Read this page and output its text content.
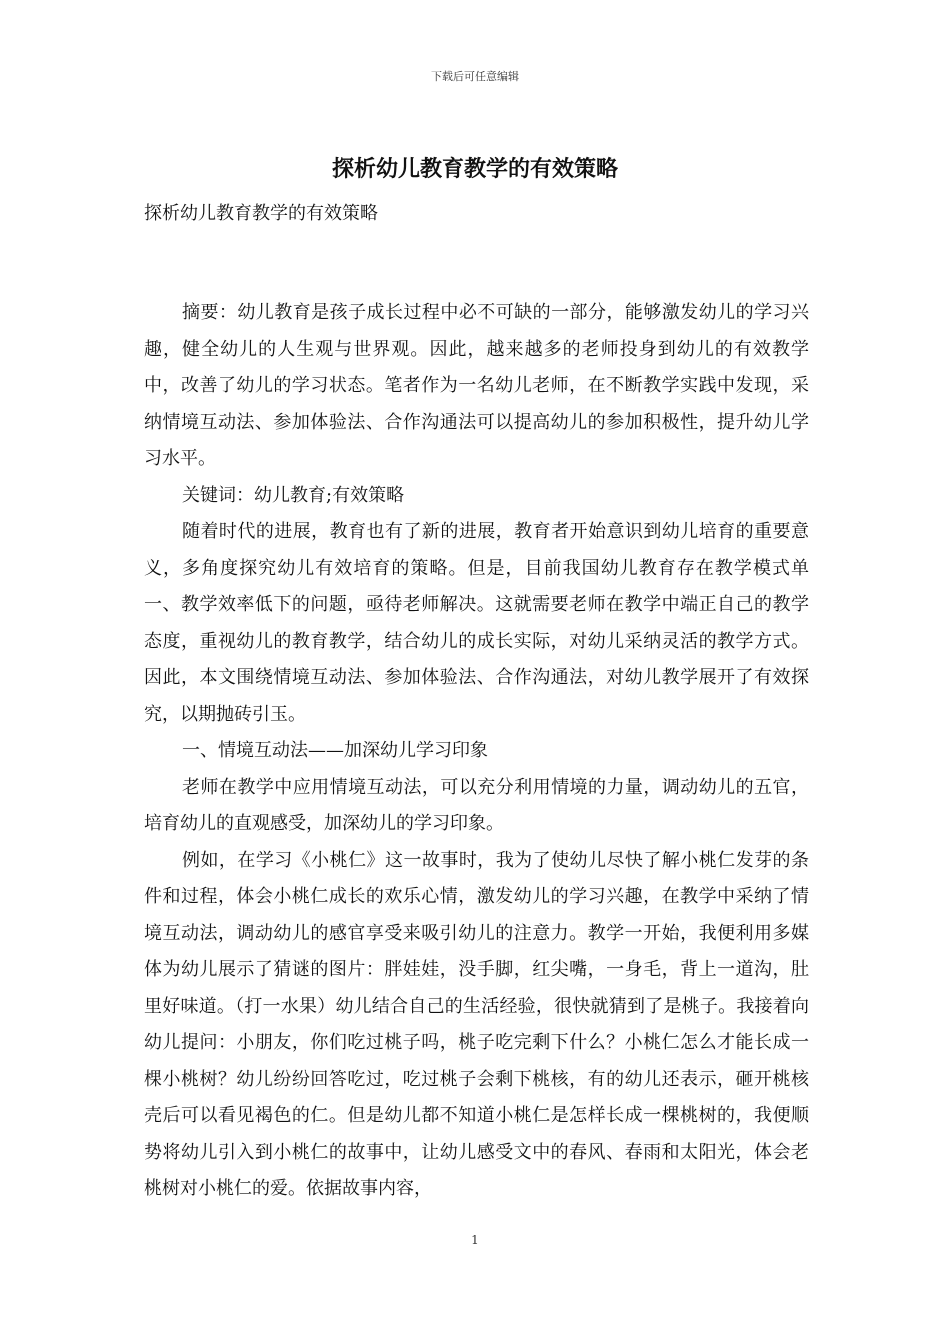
下载后可任意编辑
探析幼儿教育教学的有效策略

探析幼儿教育教学的有效策略

摘要：幼儿教育是孩子成长过程中必不可缺的一部分，能够激发幼儿的学习兴趣，健全幼儿的人生观与世界观。因此，越来越多的老师投身到幼儿的有效教学中，改善了幼儿的学习状态。笔者作为一名幼儿老师，在不断教学实践中发现，采纳情境互动法、参加体验法、合作沟通法可以提高幼儿的参加积极性，提升幼儿学习水平。

关键词：幼儿教育;有效策略

随着时代的进展，教育也有了新的进展，教育者开始意识到幼儿培育的重要意义，多角度探究幼儿有效培育的策略。但是，目前我国幼儿教育存在教学模式单一、教学效率低下的问题，亟待老师解决。这就需要老师在教学中端正自己的教学态度，重视幼儿的教育教学，结合幼儿的成长实际，对幼儿采纳灵活的教学方式。因此，本文围绕情境互动法、参加体验法、合作沟通法，对幼儿教学展开了有效探究，以期抛砖引玉。

一、情境互动法——加深幼儿学习印象

老师在教学中应用情境互动法，可以充分利用情境的力量，调动幼儿的五官，培育幼儿的直观感受，加深幼儿的学习印象。

例如，在学习《小桃仁》这一故事时，我为了使幼儿尽快了解小桃仁发芽的条件和过程，体会小桃仁成长的欢乐心情，激发幼儿的学习兴趣，在教学中采纳了情境互动法，调动幼儿的感官享受来吸引幼儿的注意力。教学一开始，我便利用多媒体为幼儿展示了猜谜的图片：胖娃娃，没手脚，红尖嘴，一身毛，背上一道沟，肚里好味道。（打一水果）幼儿结合自己的生活经验，很快就猜到了是桃子。我接着向幼儿提问：小朋友，你们吃过桃子吗，桃子吃完剩下什么？小桃仁怎么才能长成一棵小桃树？幼儿纷纷回答吃过，吃过桃子会剩下桃核，有的幼儿还表示，砸开桃核壳后可以看见褐色的仁。但是幼儿都不知道小桃仁是怎样长成一棵桃树的，我便顺势将幼儿引入到小桃仁的故事中，让幼儿感受文中的春风、春雨和太阳光，体会老桃树对小桃仁的爱。依据故事内容，

1
